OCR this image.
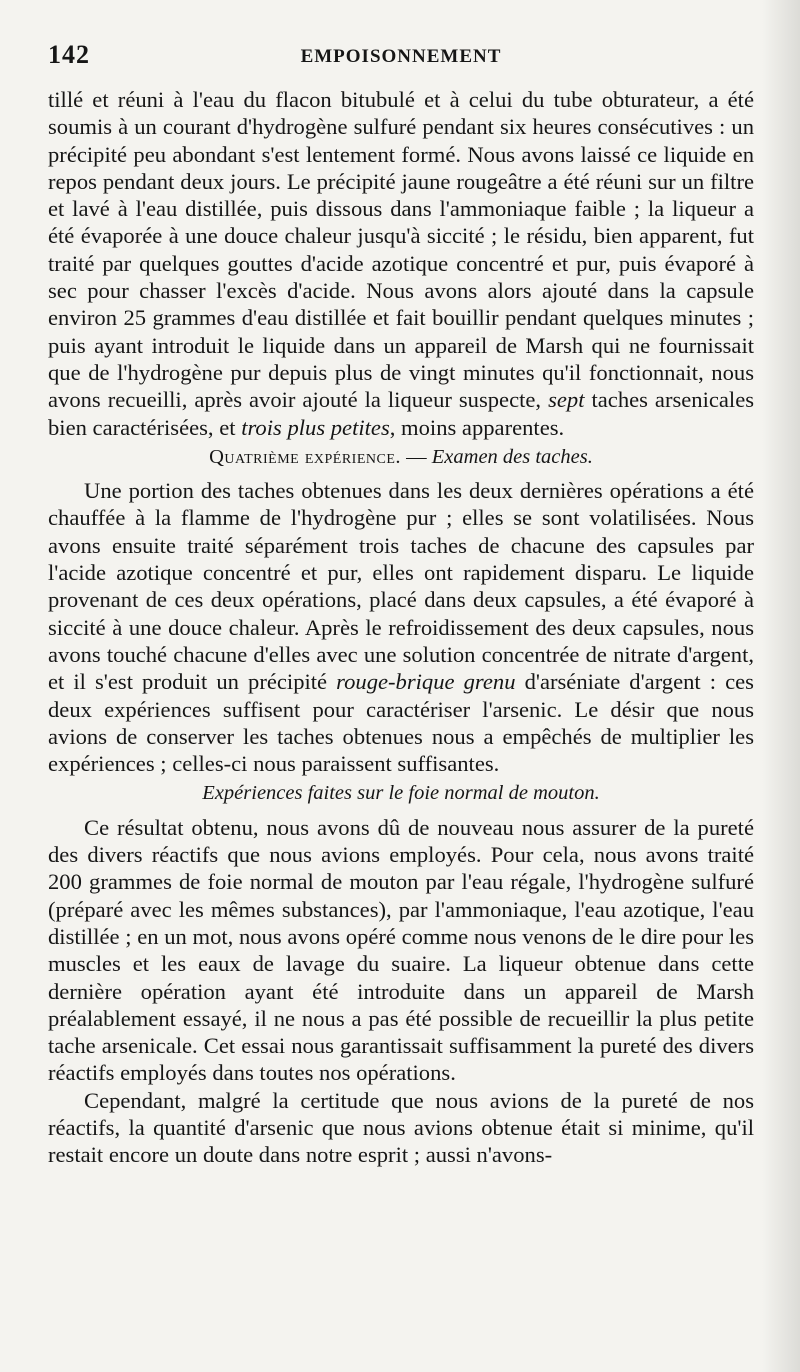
142	EMPOISONNEMENT

tillé et réuni à l'eau du flacon bitubulé et à celui du tube obturateur, a été soumis à un courant d'hydrogène sulfuré pendant six heures consécutives : un précipité peu abondant s'est lentement formé. Nous avons laissé ce liquide en repos pendant deux jours. Le précipité jaune rougeâtre a été réuni sur un filtre et lavé à l'eau distillée, puis dissous dans l'ammoniaque faible ; la liqueur a été évaporée à une douce chaleur jusqu'à siccité ; le résidu, bien apparent, fut traité par quelques gouttes d'acide azotique concentré et pur, puis évaporé à sec pour chasser l'excès d'acide. Nous avons alors ajouté dans la capsule environ 25 grammes d'eau distillée et fait bouillir pendant quelques minutes ; puis ayant introduit le liquide dans un appareil de Marsh qui ne fournissait que de l'hydrogène pur depuis plus de vingt minutes qu'il fonctionnait, nous avons recueilli, après avoir ajouté la liqueur suspecte, sept taches arsenicales bien caractérisées, et trois plus petites, moins apparentes.

Quatrième expérience. — Examen des taches.

Une portion des taches obtenues dans les deux dernières opérations a été chauffée à la flamme de l'hydrogène pur ; elles se sont volatilisées. Nous avons ensuite traité séparément trois taches de chacune des capsules par l'acide azotique concentré et pur, elles ont rapidement disparu. Le liquide provenant de ces deux opérations, placé dans deux capsules, a été évaporé à siccité à une douce chaleur. Après le refroidissement des deux capsules, nous avons touché chacune d'elles avec une solution concentrée de nitrate d'argent, et il s'est produit un précipité rouge-brique grenu d'arséniate d'argent : ces deux expériences suffisent pour caractériser l'arsenic. Le désir que nous avions de conserver les taches obtenues nous a empêchés de multiplier les expériences ; celles-ci nous paraissent suffisantes.

Expériences faites sur le foie normal de mouton.

Ce résultat obtenu, nous avons dû de nouveau nous assurer de la pureté des divers réactifs que nous avions employés. Pour cela, nous avons traité 200 grammes de foie normal de mouton par l'eau régale, l'hydrogène sulfuré (préparé avec les mêmes substances), par l'ammoniaque, l'eau azotique, l'eau distillée ; en un mot, nous avons opéré comme nous venons de le dire pour les muscles et les eaux de lavage du suaire. La liqueur obtenue dans cette dernière opération ayant été introduite dans un appareil de Marsh préalablement essayé, il ne nous a pas été possible de recueillir la plus petite tache arsenicale. Cet essai nous garantissait suffisamment la pureté des divers réactifs employés dans toutes nos opérations.

Cependant, malgré la certitude que nous avions de la pureté de nos réactifs, la quantité d'arsenic que nous avions obtenue était si minime, qu'il restait encore un doute dans notre esprit ; aussi n'avons-
